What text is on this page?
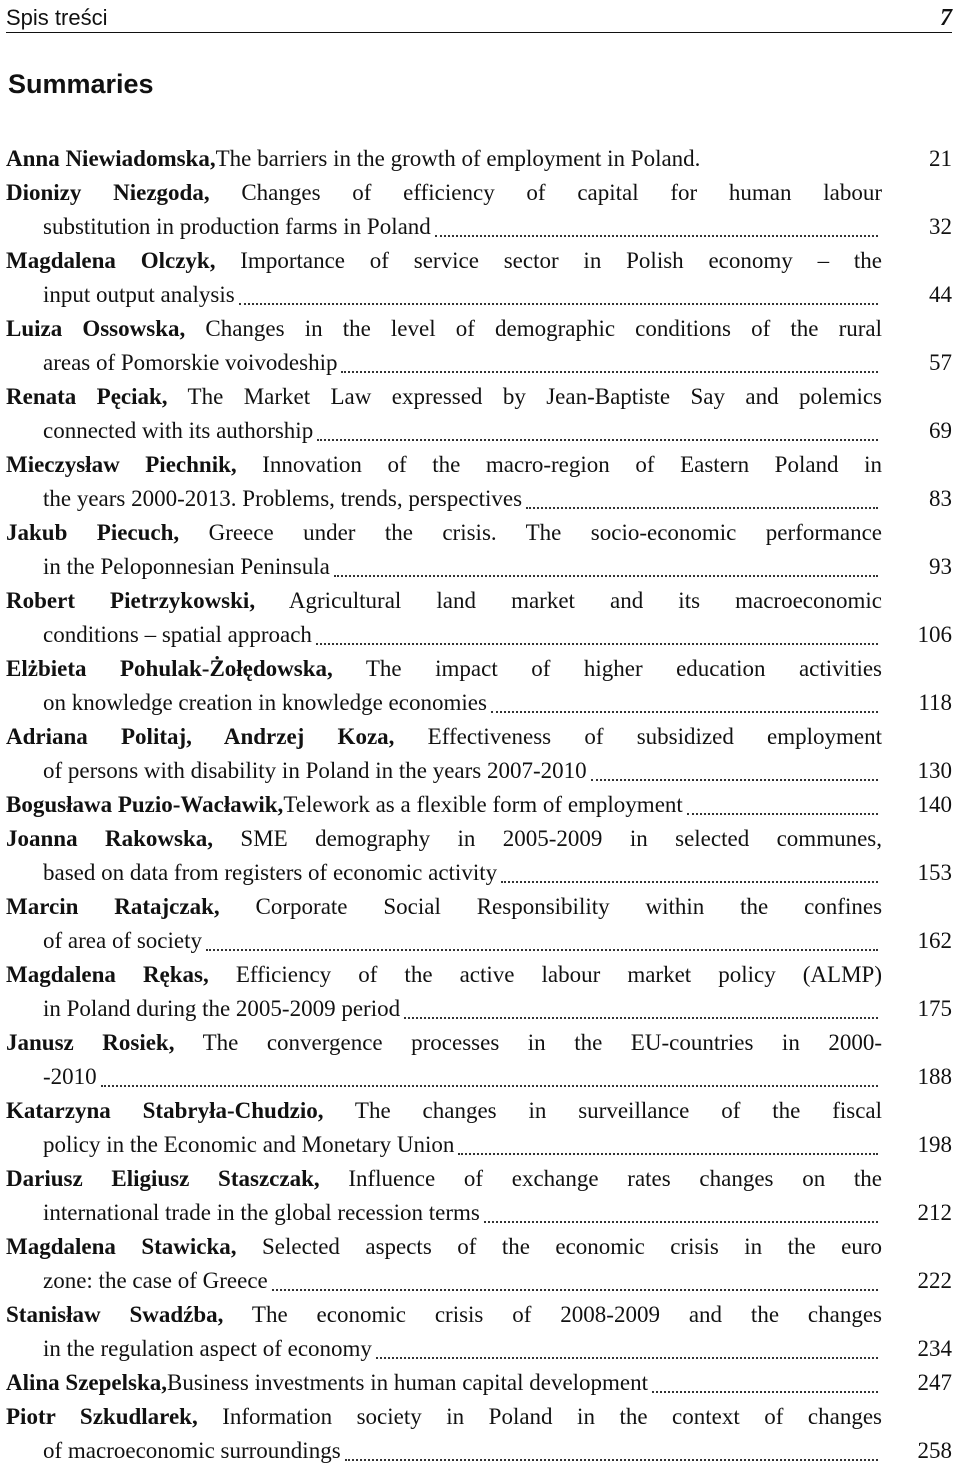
Spis treści	7
Summaries
Anna Niewiadomska, The barriers in the growth of employment in Poland.	21
Dionizy Niezgoda, Changes of efficiency of capital for human labour
substitution in production farms in Poland	32
Magdalena Olczyk, Importance of service sector in Polish economy – the
input output analysis	44
Luiza Ossowska, Changes in the level of demographic conditions of the rural
areas of Pomorskie voivodeship	57
Renata Pęciak, The Market Law expressed by Jean-Baptiste Say and polemics
connected with its authorship	69
Mieczysław Piechnik, Innovation of the macro-region of Eastern Poland in
the years 2000-2013. Problems, trends, perspectives	83
Jakub Piecuch, Greece under the crisis. The socio-economic performance
in the Peloponnesian Peninsula	93
Robert Pietrzykowski, Agricultural land market and its macroeconomic
conditions – spatial approach	106
Elżbieta Pohulak-Żołędowska, The impact of higher education activities
on knowledge creation in knowledge economies	118
Adriana Politaj, Andrzej Koza, Effectiveness of subsidized employment
of persons with disability in Poland in the years 2007-2010	130
Bogusława Puzio-Wacławik, Telework as a flexible form of employment	140
Joanna Rakowska, SME demography in 2005-2009 in selected communes,
based on data from registers of economic activity	153
Marcin Ratajczak, Corporate Social Responsibility within the confines
of area of society	162
Magdalena Rękas, Efficiency of the active labour market policy (ALMP)
in Poland during the 2005-2009 period	175
Janusz Rosiek, The convergence processes in the EU-countries in 2000-
-2010	188
Katarzyna Stabryła-Chudzio, The changes in surveillance of the fiscal
policy in the Economic and Monetary Union	198
Dariusz Eligiusz Staszczak, Influence of exchange rates changes on the
international trade in the global recession terms	212
Magdalena Stawicka, Selected aspects of the economic crisis in the euro
zone: the case of Greece	222
Stanisław Swadźba, The economic crisis of 2008-2009 and the changes
in the regulation aspect of economy	234
Alina Szepelska, Business investments in human capital development	247
Piotr Szkudlarek, Information society in Poland in the context of changes
of macroeconomic surroundings	258
